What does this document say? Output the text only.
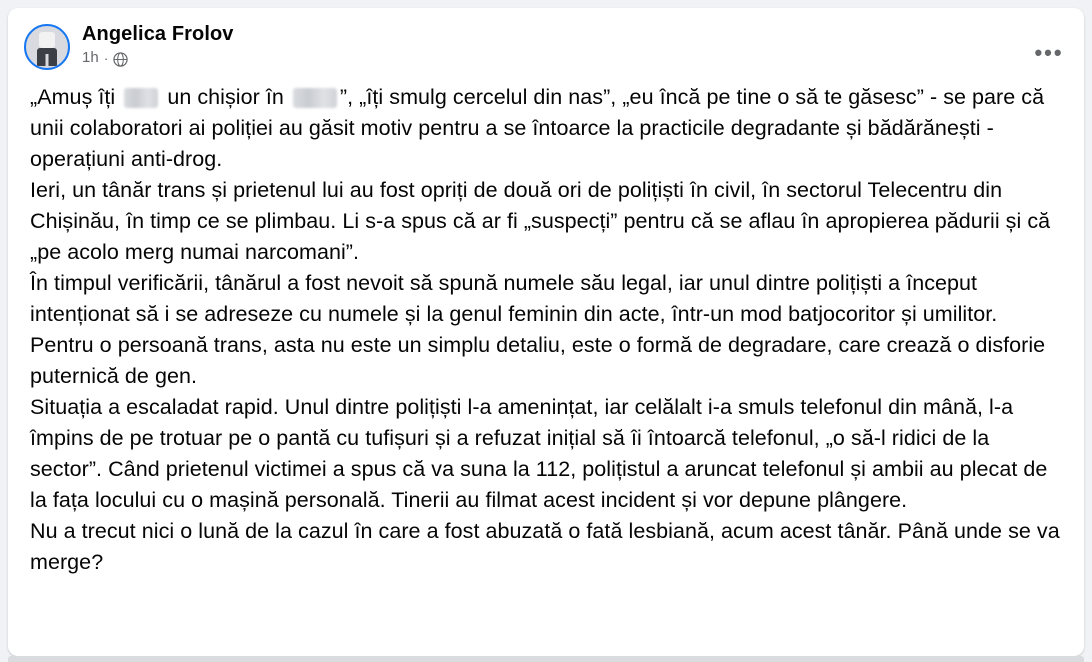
Angelica Frolov
1h ·	•••

„Amuș îți  un chișior în ”, „îți smulg cercelul din nas”, „eu încă pe tine o să te găsesc” - se pare că unii colaboratori ai poliției au găsit motiv pentru a se întoarce la practicile degradante și bădărănești - operațiuni anti-drog.

Ieri, un tânăr trans și prietenul lui au fost opriți de două ori de polițiști în civil, în sectorul Telecentru din Chișinău, în timp ce se plimbau. Li s-a spus că ar fi „suspecți” pentru că se aflau în apropierea pădurii și că „pe acolo merg numai narcomani”.

În timpul verificării, tânărul a fost nevoit să spună numele său legal, iar unul dintre polițiști a început intenționat să i se adreseze cu numele și la genul feminin din acte, într-un mod batjocoritor și umilitor. Pentru o persoană trans, asta nu este un simplu detaliu, este o formă de degradare, care crează o disforie puternică de gen.

Situația a escaladat rapid. Unul dintre polițiști l-a amenințat, iar celălalt i-a smuls telefonul din mână, l-a împins de pe trotuar pe o pantă cu tufișuri și a refuzat inițial să îi întoarcă telefonul, „o să-l ridici de la sector”. Când prietenul victimei a spus că va suna la 112, polițistul a aruncat telefonul și ambii au plecat de la fața locului cu o mașină personală. Tinerii au filmat acest incident și vor depune plângere.

Nu a trecut nici o lună de la cazul în care a fost abuzată o fată lesbiană, acum acest tânăr. Până unde se va merge?
